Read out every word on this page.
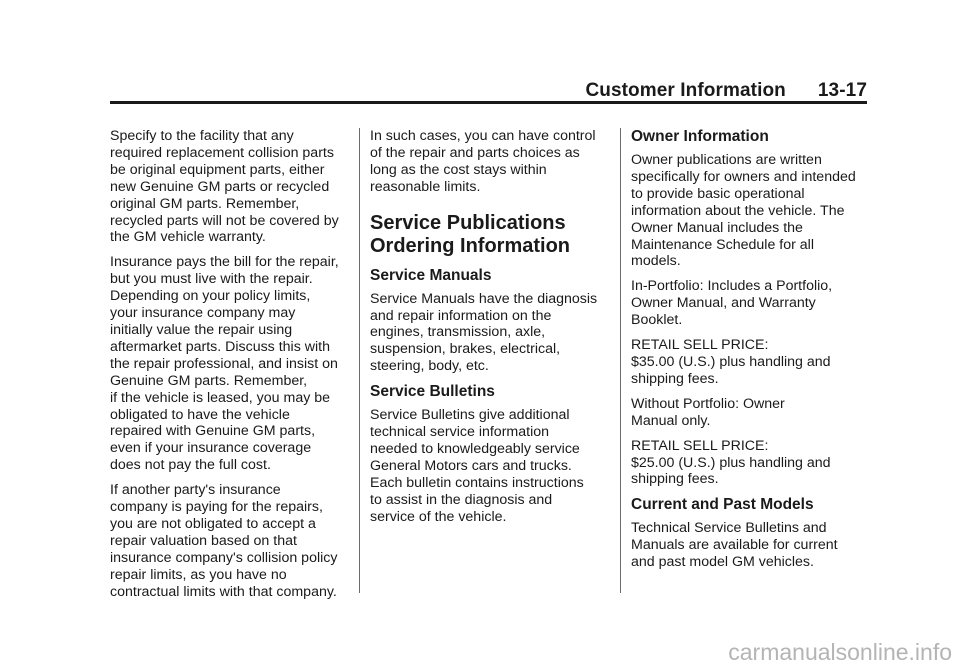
Customer Information 13-17

Specify to the facility that any
required replacement collision parts
be original equipment parts, either
new Genuine GM parts or recycled
original GM parts. Remember,
recycled parts will not be covered by
the GM vehicle warranty.

Insurance pays the bill for the repair,
but you must live with the repair.
Depending on your policy limits,
your insurance company may
initially value the repair using
aftermarket parts. Discuss this with
the repair professional, and insist on
Genuine GM parts. Remember,
if the vehicle is leased, you may be
obligated to have the vehicle
repaired with Genuine GM parts,
even if your insurance coverage
does not pay the full cost.

If another party's insurance
company is paying for the repairs,
you are not obligated to accept a
repair valuation based on that
insurance company's collision policy
repair limits, as you have no
contractual limits with that company.

In such cases, you can have control
of the repair and parts choices as
long as the cost stays within
reasonable limits.

Service Publications
Ordering Information
Service Manuals

Service Manuals have the diagnosis
and repair information on the
engines, transmission, axle,
suspension, brakes, electrical,
steering, body, etc.

Service Bulletins

Service Bulletins give additional
technical service information
needed to knowledgeably service
General Motors cars and trucks.
Each bulletin contains instructions
to assist in the diagnosis and
service of the vehicle.

Owner Information

Owner publications are written
specifically for owners and intended
to provide basic operational
information about the vehicle. The
Owner Manual includes the
Maintenance Schedule for all
models.

In-Portfolio: Includes a Portfolio,
Owner Manual, and Warranty
Booklet.

RETAIL SELL PRICE:
$35.00 (U.S.) plus handling and
shipping fees.

Without Portfolio: Owner
Manual only.

RETAIL SELL PRICE:
$25.00 (U.S.) plus handling and
shipping fees.

Current and Past Models

Technical Service Bulletins and
Manuals are available for current
and past model GM vehicles.

carmanualsonline.info
